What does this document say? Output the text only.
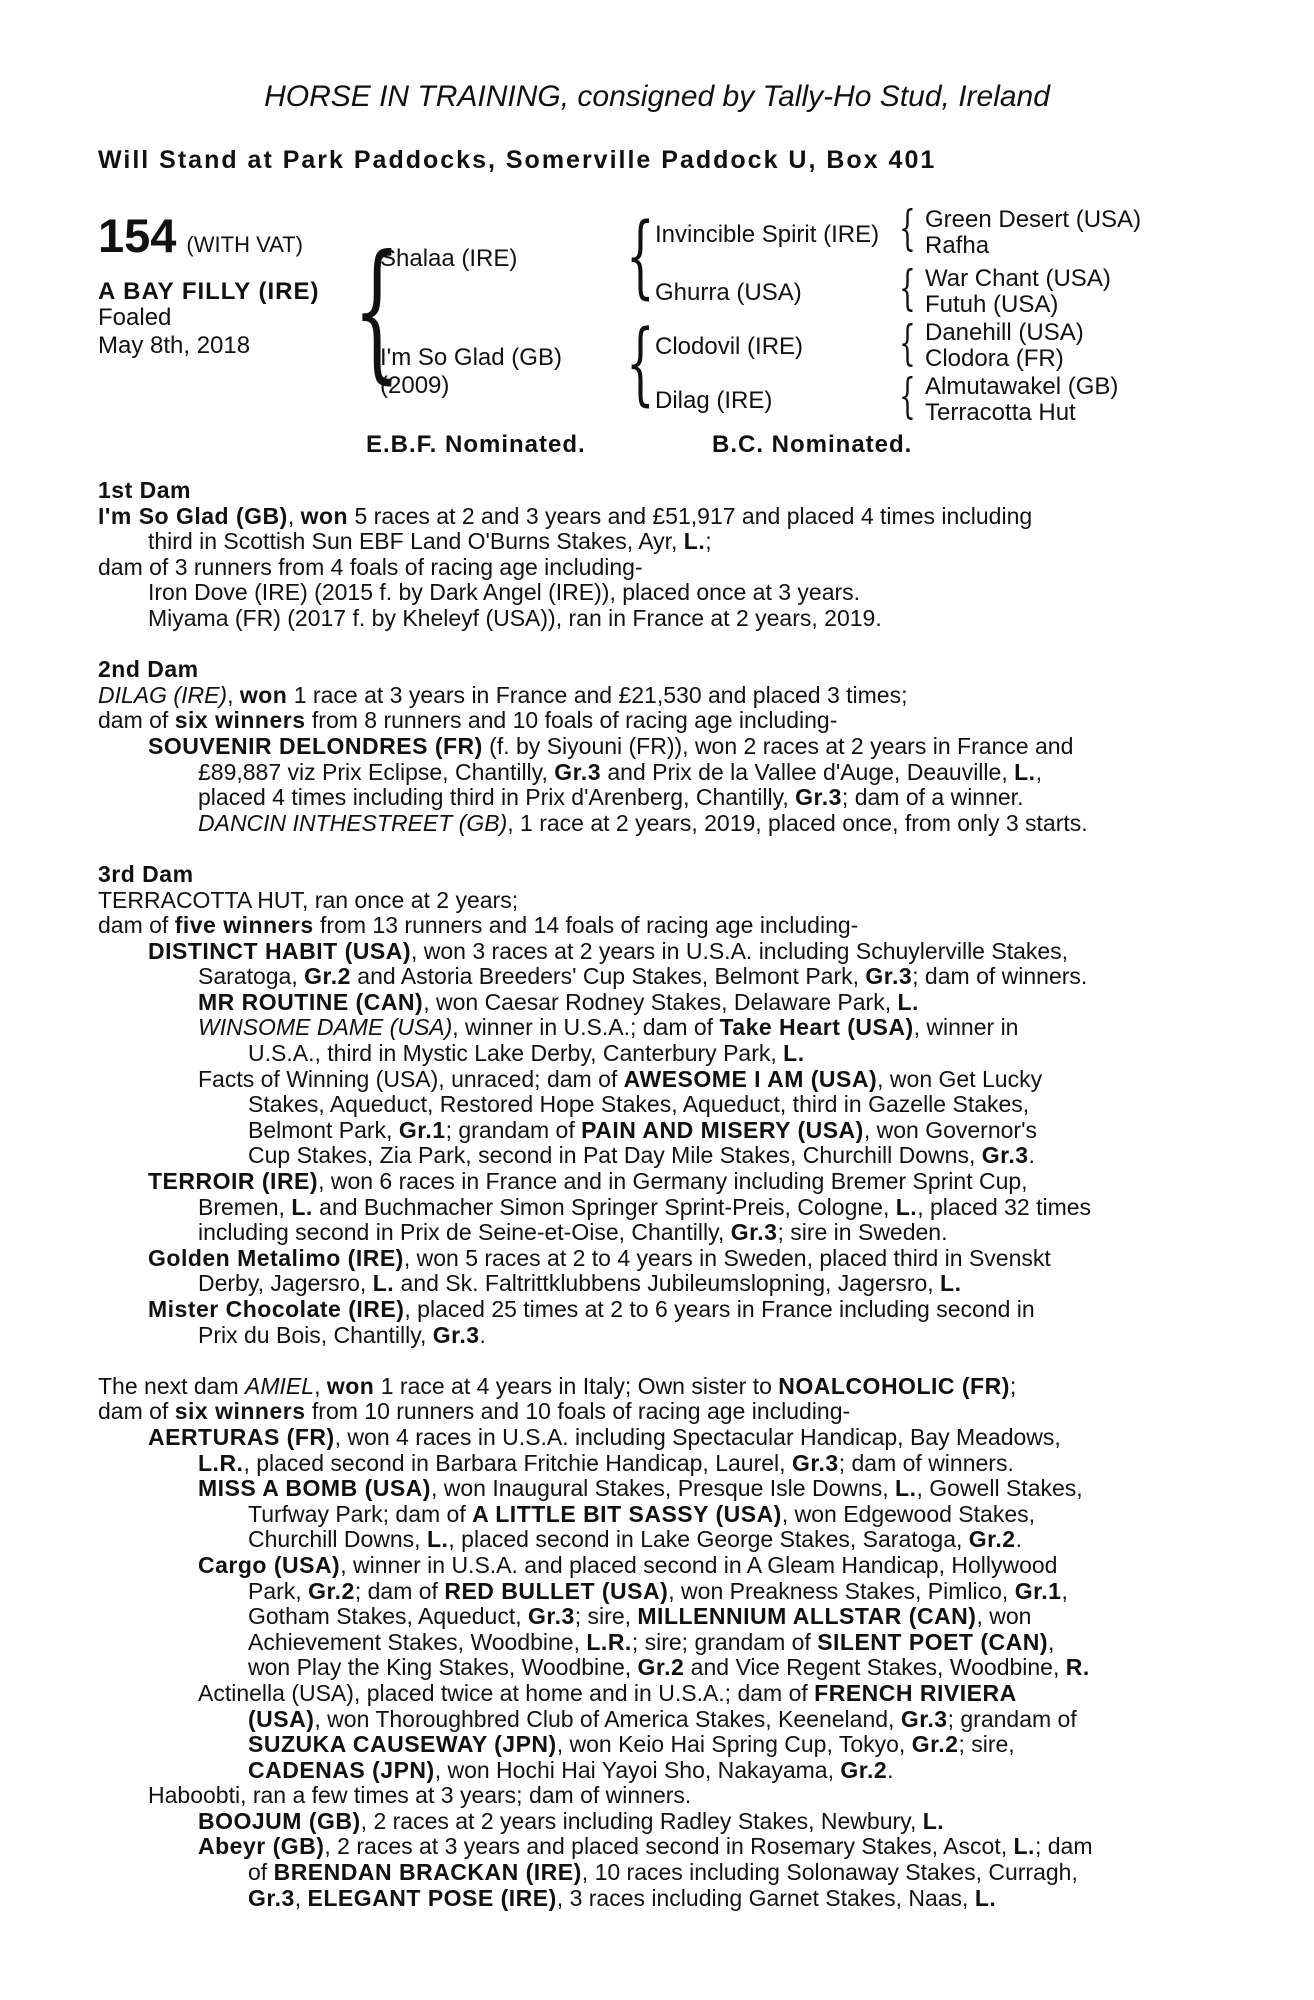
HORSE IN TRAINING, consigned by Tally-Ho Stud, Ireland
Will Stand at Park Paddocks, Somerville Paddock U, Box 401
154 (WITH VAT)
A BAY FILLY (IRE)
Foaled
May 8th, 2018 {
Shalaa (IRE)
I'm So Glad (GB)
(2009)
{ Invincible Spirit (IRE)
Ghurra (USA)
{ Clodovil (IRE)
Dilag (IRE)
{ Green Desert (USA)
Rafha
{ War Chant (USA)
Futuh (USA)
{ Danehill (USA)
Clodora (FR)
{ Almutawakel (GB)
Terracotta Hut
E.B.F. Nominated.	B.C. Nominated.
1st Dam
I'm So Glad (GB), won 5 races at 2 and 3 years and £51,917 and placed 4 times including
third in Scottish Sun EBF Land O'Burns Stakes, Ayr, L.;
dam of 3 runners from 4 foals of racing age including-
Iron Dove (IRE) (2015 f. by Dark Angel (IRE)), placed once at 3 years.
Miyama (FR) (2017 f. by Kheleyf (USA)), ran in France at 2 years, 2019.
2nd Dam
DILAG (IRE), won 1 race at 3 years in France and £21,530 and placed 3 times;
dam of six winners from 8 runners and 10 foals of racing age including-
SOUVENIR DELONDRES (FR) (f. by Siyouni (FR)), won 2 races at 2 years in France and
£89,887 viz Prix Eclipse, Chantilly, Gr.3 and Prix de la Vallee d'Auge, Deauville, L.,
placed 4 times including third in Prix d'Arenberg, Chantilly, Gr.3; dam of a winner.
DANCIN INTHESTREET (GB), 1 race at 2 years, 2019, placed once, from only 3 starts.
3rd Dam
TERRACOTTA HUT, ran once at 2 years;
dam of five winners from 13 runners and 14 foals of racing age including-
DISTINCT HABIT (USA), won 3 races at 2 years in U.S.A. including Schuylerville Stakes,
Saratoga, Gr.2 and Astoria Breeders' Cup Stakes, Belmont Park, Gr.3; dam of winners.
MR ROUTINE (CAN), won Caesar Rodney Stakes, Delaware Park, L.
WINSOME DAME (USA), winner in U.S.A.; dam of Take Heart (USA), winner in
U.S.A., third in Mystic Lake Derby, Canterbury Park, L.
Facts of Winning (USA), unraced; dam of AWESOME I AM (USA), won Get Lucky
Stakes, Aqueduct, Restored Hope Stakes, Aqueduct, third in Gazelle Stakes,
Belmont Park, Gr.1; grandam of PAIN AND MISERY (USA), won Governor's
Cup Stakes, Zia Park, second in Pat Day Mile Stakes, Churchill Downs, Gr.3.
TERROIR (IRE), won 6 races in France and in Germany including Bremer Sprint Cup,
Bremen, L. and Buchmacher Simon Springer Sprint-Preis, Cologne, L., placed 32 times
including second in Prix de Seine-et-Oise, Chantilly, Gr.3; sire in Sweden.
Golden Metalimo (IRE), won 5 races at 2 to 4 years in Sweden, placed third in Svenskt
Derby, Jagersro, L. and Sk. Faltrittklubbens Jubileumslopning, Jagersro, L.
Mister Chocolate (IRE), placed 25 times at 2 to 6 years in France including second in
Prix du Bois, Chantilly, Gr.3.
The next dam AMIEL, won 1 race at 4 years in Italy; Own sister to NOALCOHOLIC (FR);
dam of six winners from 10 runners and 10 foals of racing age including-
AERTURAS (FR), won 4 races in U.S.A. including Spectacular Handicap, Bay Meadows,
L.R., placed second in Barbara Fritchie Handicap, Laurel, Gr.3; dam of winners.
MISS A BOMB (USA), won Inaugural Stakes, Presque Isle Downs, L., Gowell Stakes,
Turfway Park; dam of A LITTLE BIT SASSY (USA), won Edgewood Stakes,
Churchill Downs, L., placed second in Lake George Stakes, Saratoga, Gr.2.
Cargo (USA), winner in U.S.A. and placed second in A Gleam Handicap, Hollywood
Park, Gr.2; dam of RED BULLET (USA), won Preakness Stakes, Pimlico, Gr.1,
Gotham Stakes, Aqueduct, Gr.3; sire, MILLENNIUM ALLSTAR (CAN), won
Achievement Stakes, Woodbine, L.R.; sire; grandam of SILENT POET (CAN),
won Play the King Stakes, Woodbine, Gr.2 and Vice Regent Stakes, Woodbine, R.
Actinella (USA), placed twice at home and in U.S.A.; dam of FRENCH RIVIERA
(USA), won Thoroughbred Club of America Stakes, Keeneland, Gr.3; grandam of
SUZUKA CAUSEWAY (JPN), won Keio Hai Spring Cup, Tokyo, Gr.2; sire,
CADENAS (JPN), won Hochi Hai Yayoi Sho, Nakayama, Gr.2.
Haboobti, ran a few times at 3 years; dam of winners.
BOOJUM (GB), 2 races at 2 years including Radley Stakes, Newbury, L.
Abeyr (GB), 2 races at 3 years and placed second in Rosemary Stakes, Ascot, L.; dam
of BRENDAN BRACKAN (IRE), 10 races including Solonaway Stakes, Curragh,
Gr.3, ELEGANT POSE (IRE), 3 races including Garnet Stakes, Naas, L.
